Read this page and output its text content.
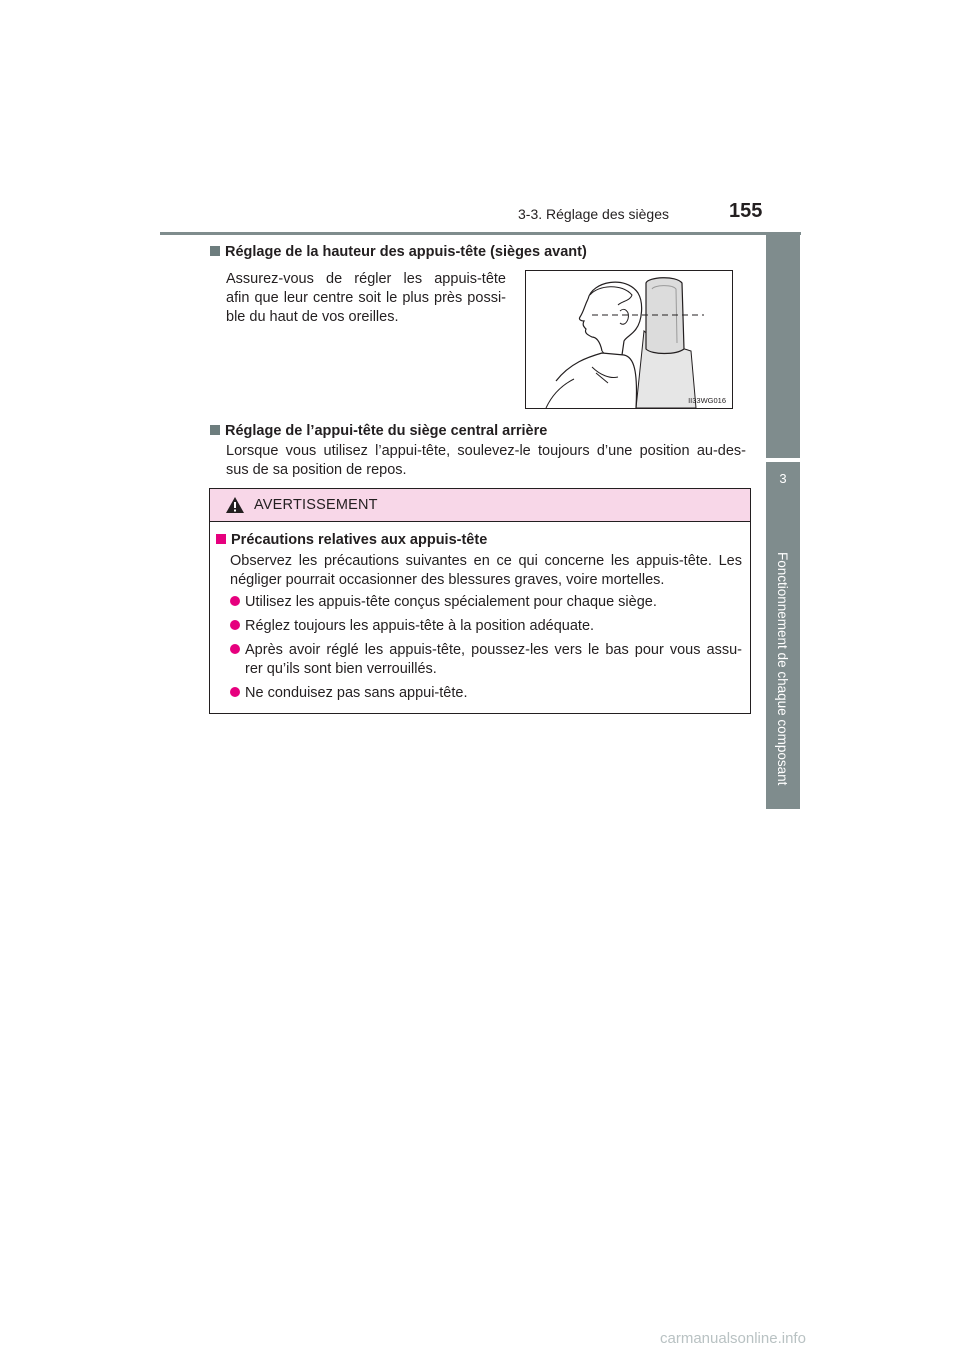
3-3. Réglage des sièges	155
3
Fonctionnement de chaque composant
Réglage de la hauteur des appuis-tête (sièges avant)
Assurez-vous de régler les appuis-tête
afin que leur centre soit le plus près possi-
ble du haut de vos oreilles.
II33WG016
Réglage de l’appui-tête du siège central arrière
Lorsque vous utilisez l’appui-tête, soulevez-le toujours d’une position au-des-
sus de sa position de repos.
AVERTISSEMENT
Précautions relatives aux appuis-tête
Observez les précautions suivantes en ce qui concerne les appuis-tête. Les
négliger pourrait occasionner des blessures graves, voire mortelles.
Utilisez les appuis-tête conçus spécialement pour chaque siège.
Réglez toujours les appuis-tête à la position adéquate.
Après avoir réglé les appuis-tête, poussez-les vers le bas pour vous assu-
rer qu’ils sont bien verrouillés.
Ne conduisez pas sans appui-tête.
carmanualsonline.info
